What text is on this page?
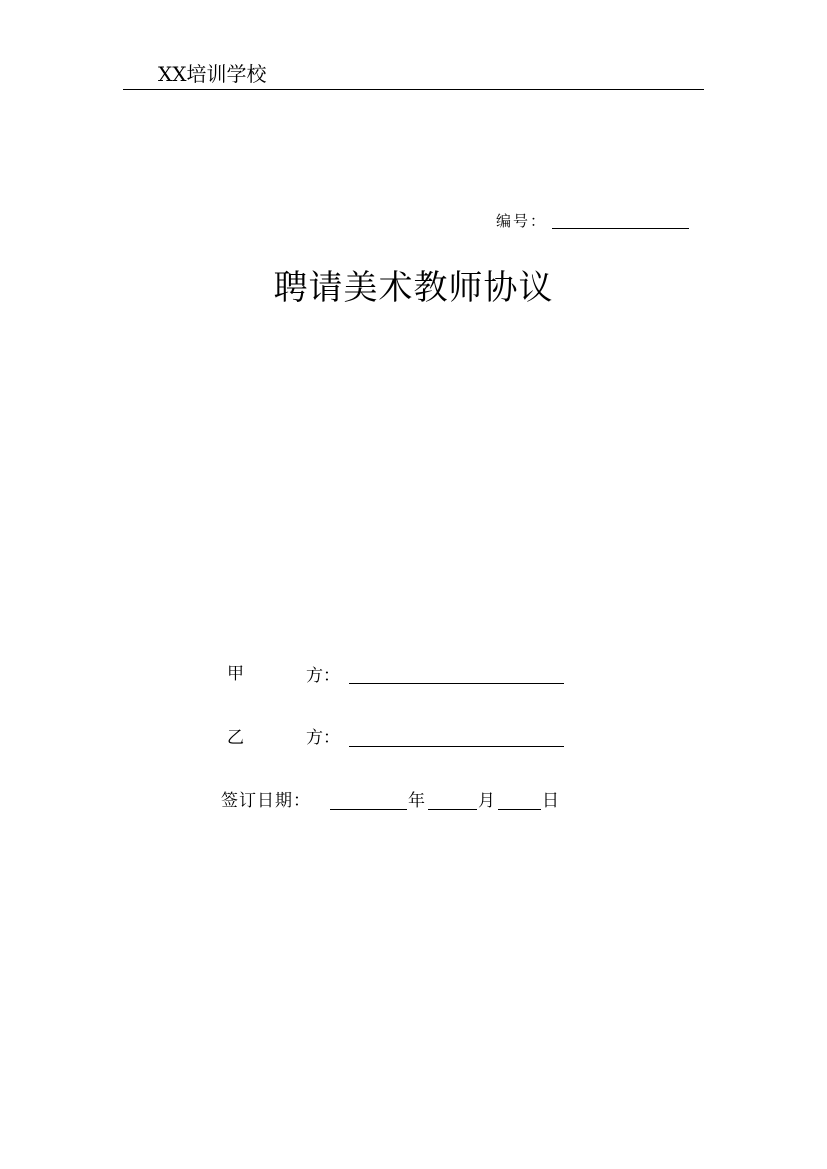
XX培训学校
编号：
聘请美术教师协议
甲	方：
乙	方：
签订日期：	年	月	日
